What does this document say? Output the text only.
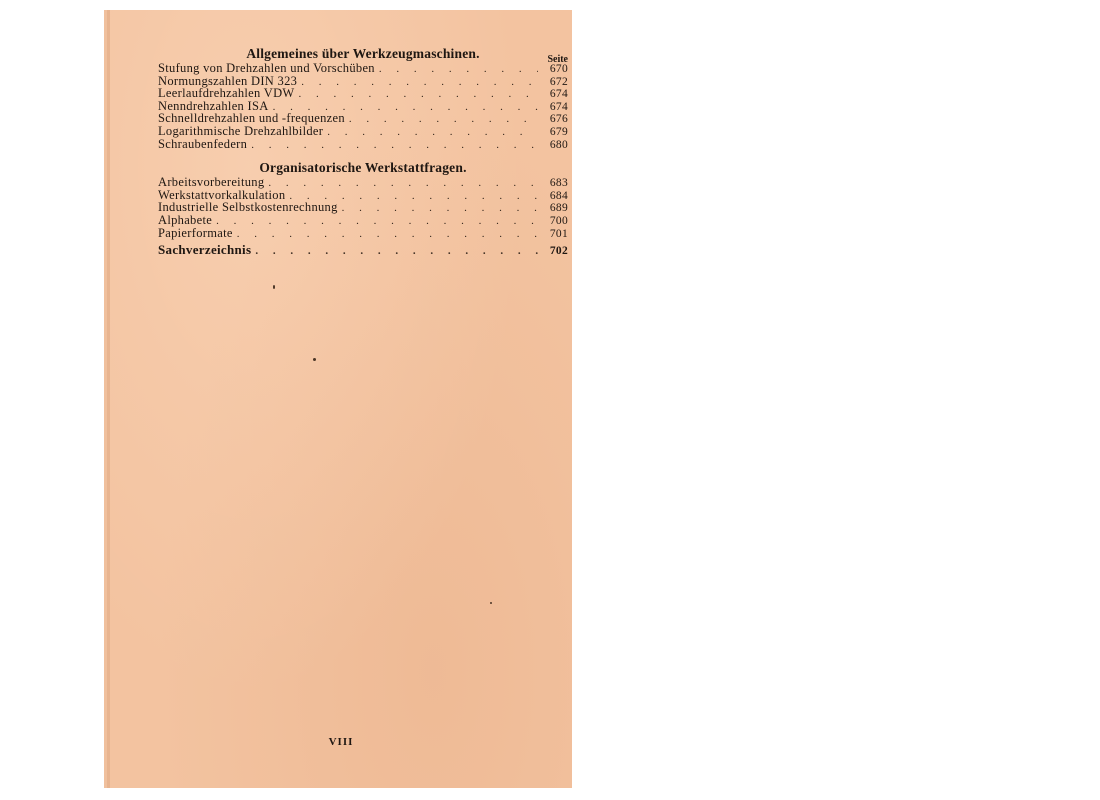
Allgemeines über Werkzeugmaschinen.	Seite
Stufung von Drehzahlen und Vorschüben . . .	670
Normungszahlen DIN 323 . . .	672
Leerlaufdrehzahlen VDW . . .	674
Nenndrehzahlen ISA . . .	674
Schnelldrehzahlen und -frequenzen . . .	676
Logarithmische Drehzahlbilder . . .	679
Schraubenfedern . . .	680
Organisatorische Werkstattfragen.
Arbeitsvorbereitung . . .	683
Werkstattvorkalkulation . . .	684
Industrielle Selbstkostenrechnung . . .	689
Alphabete . . .	700
Papierformate . . .	701
Sachverzeichnis . . .	702
VIII
